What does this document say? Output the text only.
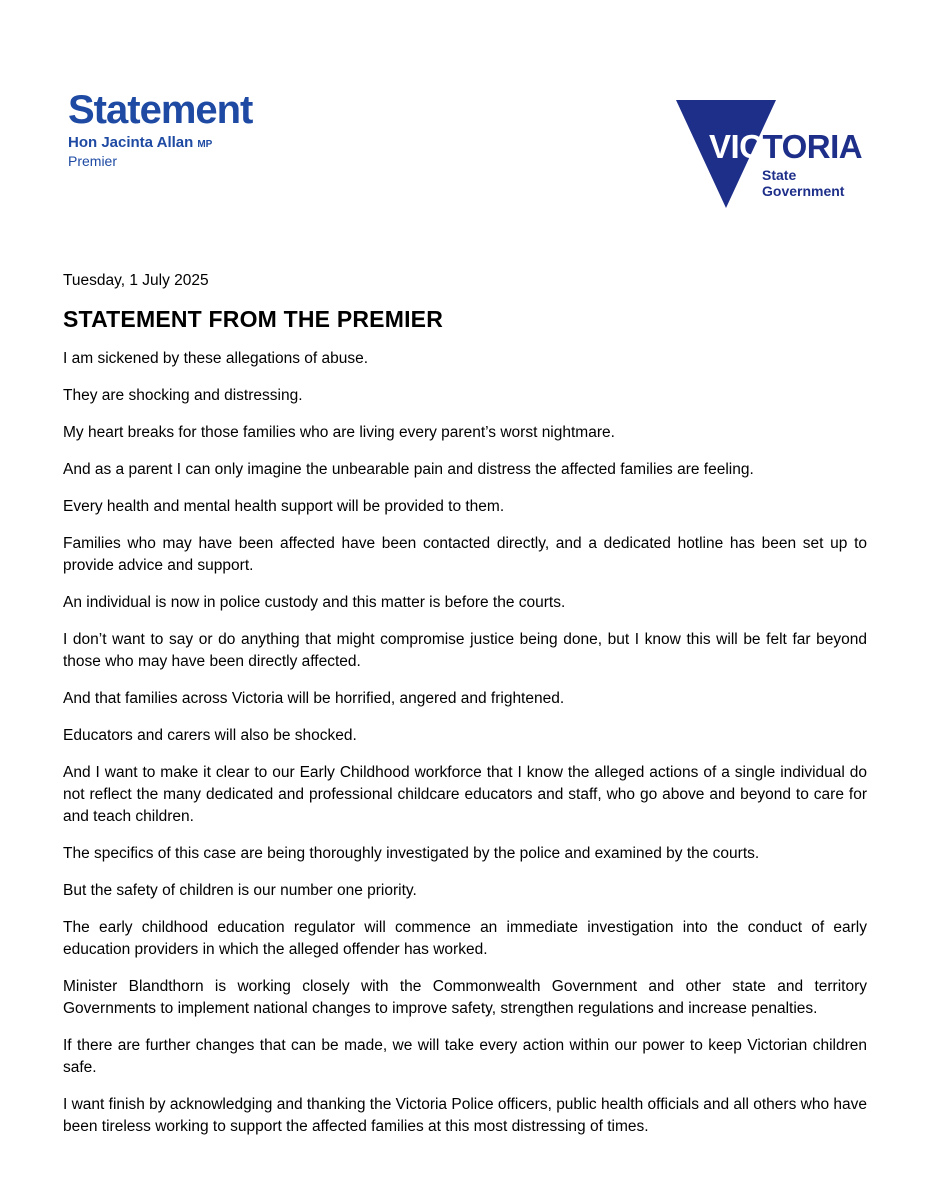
Statement
Hon Jacinta Allan MP
Premier	VICTORIA
State
Government

Tuesday, 1 July 2025

STATEMENT FROM THE PREMIER

I am sickened by these allegations of abuse.

They are shocking and distressing.

My heart breaks for those families who are living every parent’s worst nightmare.

And as a parent I can only imagine the unbearable pain and distress the affected families are feeling.

Every health and mental health support will be provided to them.

Families who may have been affected have been contacted directly, and a dedicated hotline has been set up to provide advice and support.

An individual is now in police custody and this matter is before the courts.

I don’t want to say or do anything that might compromise justice being done, but I know this will be felt far beyond those who may have been directly affected.

And that families across Victoria will be horrified, angered and frightened.

Educators and carers will also be shocked.

And I want to make it clear to our Early Childhood workforce that I know the alleged actions of a single individual do not reflect the many dedicated and professional childcare educators and staff, who go above and beyond to care for and teach children.

The specifics of this case are being thoroughly investigated by the police and examined by the courts.

But the safety of children is our number one priority.

The early childhood education regulator will commence an immediate investigation into the conduct of early education providers in which the alleged offender has worked.

Minister Blandthorn is working closely with the Commonwealth Government and other state and territory Governments to implement national changes to improve safety, strengthen regulations and increase penalties.

If there are further changes that can be made, we will take every action within our power to keep Victorian children safe.

I want finish by acknowledging and thanking the Victoria Police officers, public health officials and all others who have been tireless working to support the affected families at this most distressing of times.
